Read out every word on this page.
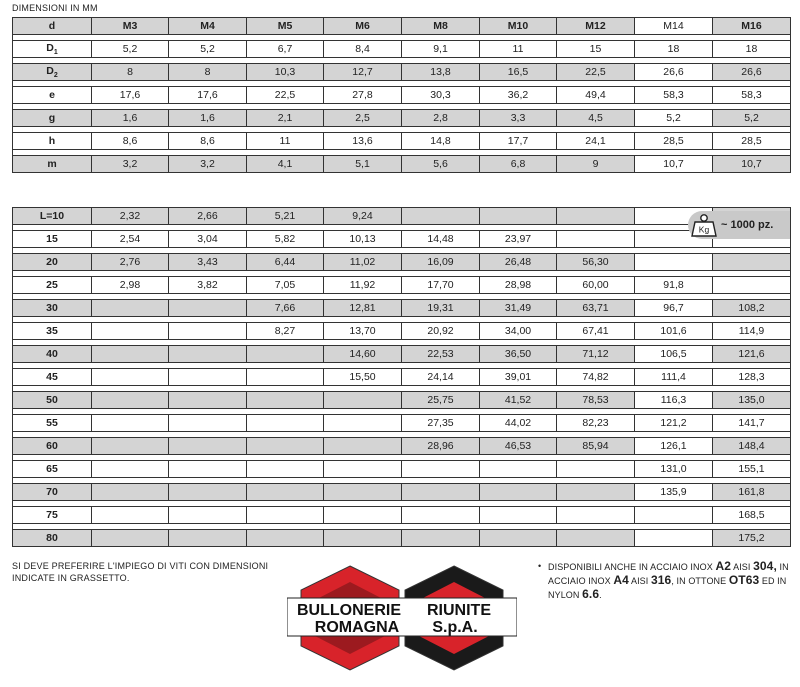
DIMENSIONI IN MM
d	M3	M4	M5	M6	M8	M10	M12	M14	M16

$D_1$	5,2	5,2	6,7	8,4	9,1	11	15	18	18

$D_2$	8	8	10,3	12,7	13,8	16,5	22,5	26,6	26,6

e	17,6	17,6	22,5	27,8	30,3	36,2	49,4	58,3	58,3

g	1,6	1,6	2,1	2,5	2,8	3,3	4,5	5,2	5,2

h	8,6	8,6	11	13,6	14,8	17,7	24,1	28,5	28,5

m	3,2	3,2	4,1	5,1	5,6	6,8	9	10,7	10,7
L=10	2,32	2,66	5,21	9,24					

15	2,54	3,04	5,82	10,13	14,48	23,97			

20	2,76	3,43	6,44	11,02	16,09	26,48	56,30		

25	2,98	3,82	7,05	11,92	17,70	28,98	60,00	91,8	

30			7,66	12,81	19,31	31,49	63,71	96,7	108,2

35			8,27	13,70	20,92	34,00	67,41	101,6	114,9

40				14,60	22,53	36,50	71,12	106,5	121,6

45				15,50	24,14	39,01	74,82	111,4	128,3

50					25,75	41,52	78,53	116,3	135,0

55					27,35	44,02	82,23	121,2	141,7

60					28,96	46,53	85,94	126,1	148,4

65								131,0	155,1

70								135,9	161,8

75									168,5

80									175,2
Kg ~ 1000 pz.
SI DEVE PREFERIRE L'IMPIEGO DI VITI CON DIMENSIONI INDICATE IN GRASSETTO.
BULLONERIE RIUNITE
ROMAGNA S.p.A.
• DISPONIBILI ANCHE IN ACCIAIO INOX A2 AISI 304, IN ACCIAIO INOX A4 AISI 316, IN OTTONE OT63 ED IN NYLON 6.6.
